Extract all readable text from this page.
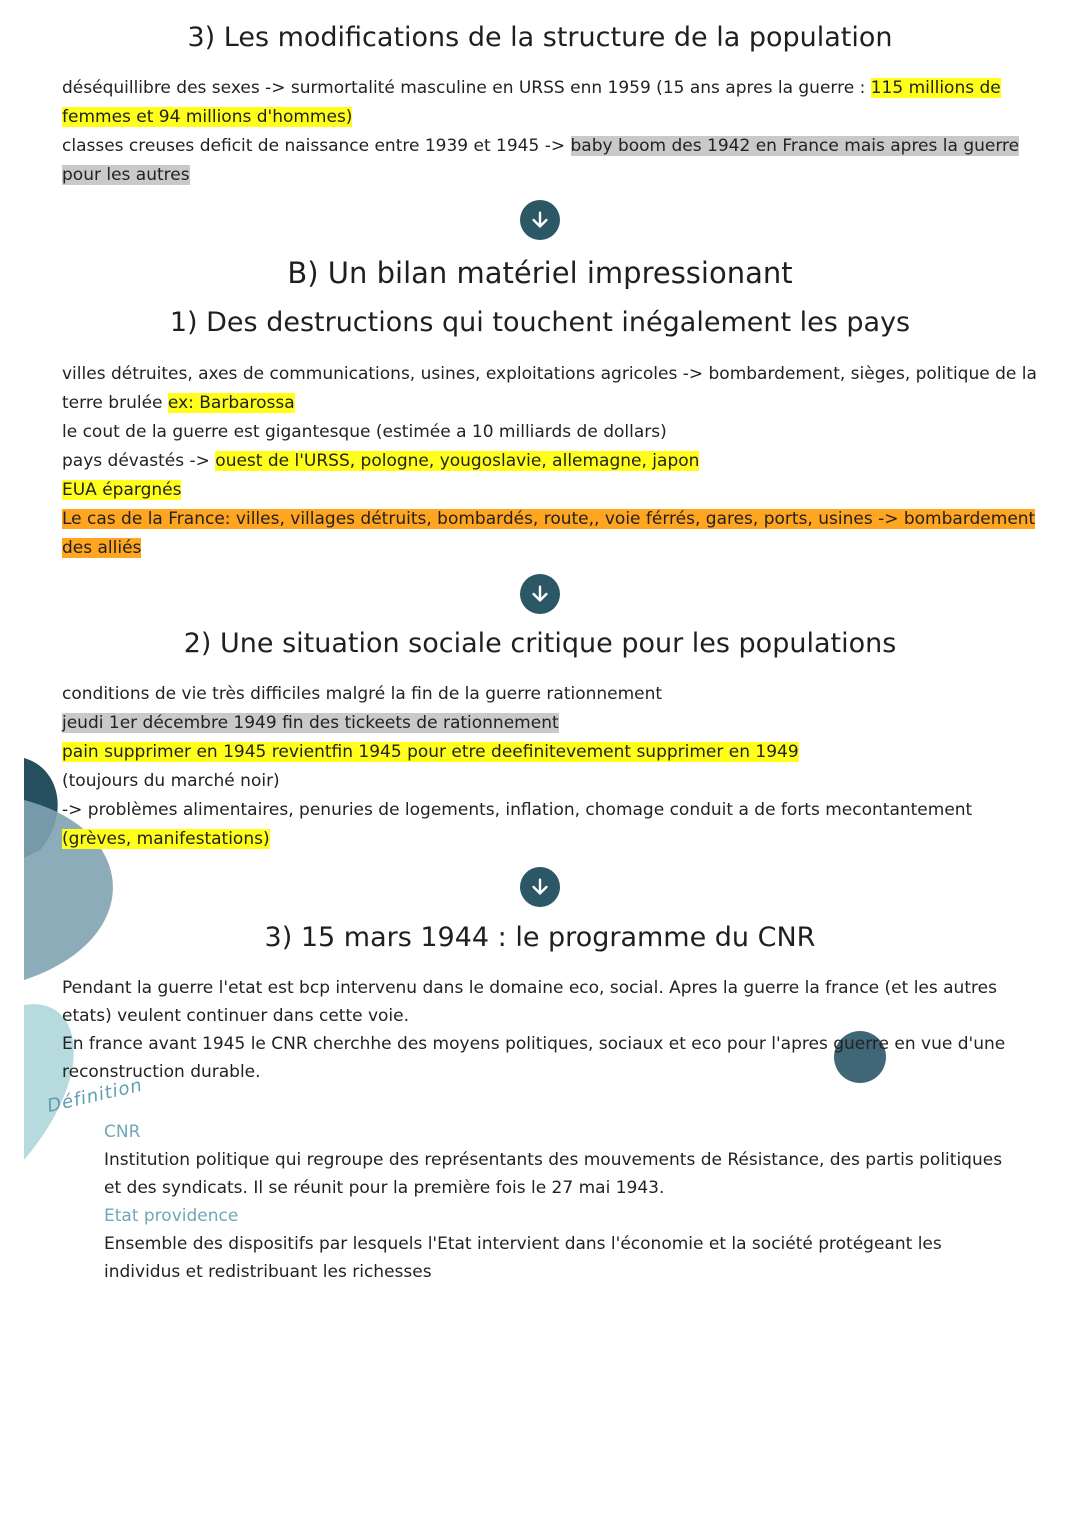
3) Les modifications de la structure de la population

déséquillibre des sexes -> surmortalité masculine en URSS enn 1959 (15 ans apres la guerre : 115 millions de femmes et 94 millions d'hommes)

classes creuses deficit de naissance entre 1939 et 1945 -> baby boom des 1942 en France mais apres la guerre pour les autres

B) Un bilan matériel impressionant
1) Des destructions qui touchent inégalement les pays

villes détruites, axes de communications, usines, exploitations agricoles -> bombardement, sièges, politique de la terre brulée ex: Barbarossa

le cout de la guerre est gigantesque (estimée a 10 milliards de dollars)

pays dévastés -> ouest de l'URSS, pologne, yougoslavie, allemagne, japon

EUA épargnés

Le cas de la France: villes, villages détruits, bombardés, route,, voie férrés, gares, ports, usines -> bombardement des alliés

2) Une situation sociale critique pour les populations

conditions de vie très difficiles malgré la fin de la guerre rationnement

jeudi 1er décembre 1949 fin des tickeets de rationnement

pain supprimer en 1945 revientfin 1945 pour etre deefinitevement supprimer en 1949

(toujours du marché noir)

-> problèmes alimentaires, penuries de logements, inflation, chomage conduit a de forts mecontantement (grèves, manifestations)

3) 15 mars 1944 : le programme du CNR

Pendant la guerre l'etat est bcp intervenu dans le domaine eco, social. Apres la guerre la france (et les autres etats) veulent continuer dans cette voie.

En france avant 1945 le CNR cherchhe des moyens politiques, sociaux et eco pour l'apres guerre en vue d'une reconstruction durable.

Définition

CNR

Institution politique qui regroupe des représentants des mouvements de Résistance, des partis politiques et des syndicats. Il se réunit pour la première fois le 27 mai 1943.

Etat providence

Ensemble des dispositifs par lesquels l'Etat intervient dans l'économie et la société protégeant les individus et redistribuant les richesses
